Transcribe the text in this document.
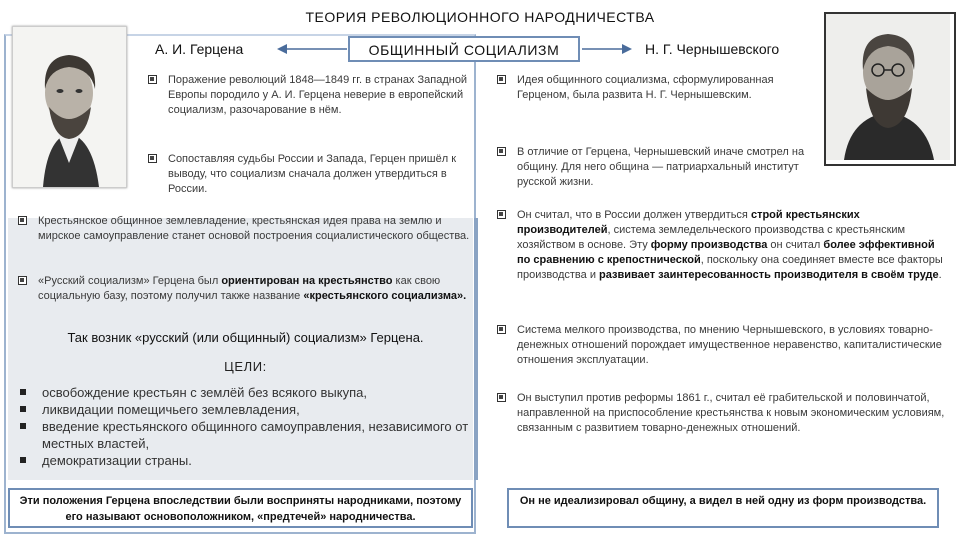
ТЕОРИЯ РЕВОЛЮЦИОННОГО НАРОДНИЧЕСТВА
А. И. Герцена	Н. Г. Чернышевского
ОБЩИННЫЙ СОЦИАЛИЗМ
Поражение революций 1848—1849 гг. в странах Западной Европы породило у А. И. Герцена неверие в европейский социализм, разочарование в нём.
Сопоставляя судьбы России и Запада, Герцен пришёл к выводу, что социализм сначала должен утвердиться в России.
Крестьянское общинное землевладение, крестьянская идея права на землю и мирское самоуправление станет основой построения социалистического общества.
«Русский социализм» Герцена был ориентирован на крестьянство как свою социальную базу, поэтому получил также название «крестьянского социализма».
Так возник «русский (или общинный) социализм» Герцена.
ЦЕЛИ:
освобождение крестьян с землёй без всякого выкупа,
ликвидации помещичьего землевладения,
введение крестьянского общинного самоуправления, независимого от местных властей,
демократизации страны.
Эти положения Герцена впоследствии были восприняты народниками, поэтому его называют основоположником, «предтечей» народничества.
Идея общинного социализма, сформулированная Герценом, была развита Н. Г. Чернышевским.
В отличие от Герцена, Чернышевский иначе смотрел на общину. Для него община — патриархальный институт русской жизни.
Он считал, что в России должен утвердиться строй крестьянских производителей, система земледельческого производства с крестьянским хозяйством в основе. Эту форму производства он считал более эффективной по сравнению с крепостнической, поскольку она соединяет вместе все факторы производства и развивает заинтересованность производителя в своём труде.
Система мелкого производства, по мнению Чернышевского, в условиях товарно-денежных отношений порождает имущественное неравенство, капиталистические отношения эксплуатации.
Он выступил против реформы 1861 г., считал её грабительской и половинчатой, направленной на приспособление крестьянства к новым экономическим условиям, связанным с развитием товарно-денежных отношений.
Он не идеализировал общину, а видел в ней одну из форм производства.
